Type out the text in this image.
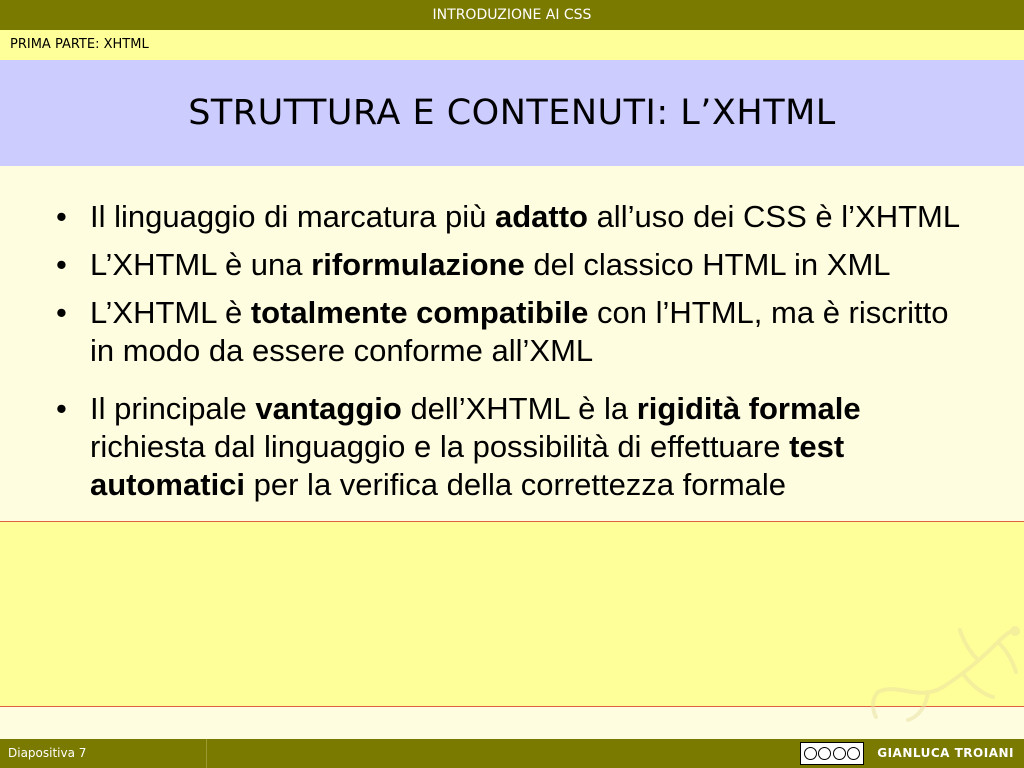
INTRODUZIONE AI CSS
PRIMA PARTE: XHTML
STRUTTURA E CONTENUTI: L’XHTML
• Il linguaggio di marcatura più adatto all’uso dei CSS è l’XHTML
• L’XHTML è una riformulazione del classico HTML in XML
• L’XHTML è totalmente compatibile con l’HTML, ma è riscritto in modo da essere conforme all’XML
• Il principale vantaggio dell’XHTML è la rigidità formale richiesta dal linguaggio e la possibilità di effettuare test automatici per la verifica della correttezza formale
Diapositiva 7	GIANLUCA TROIANI
